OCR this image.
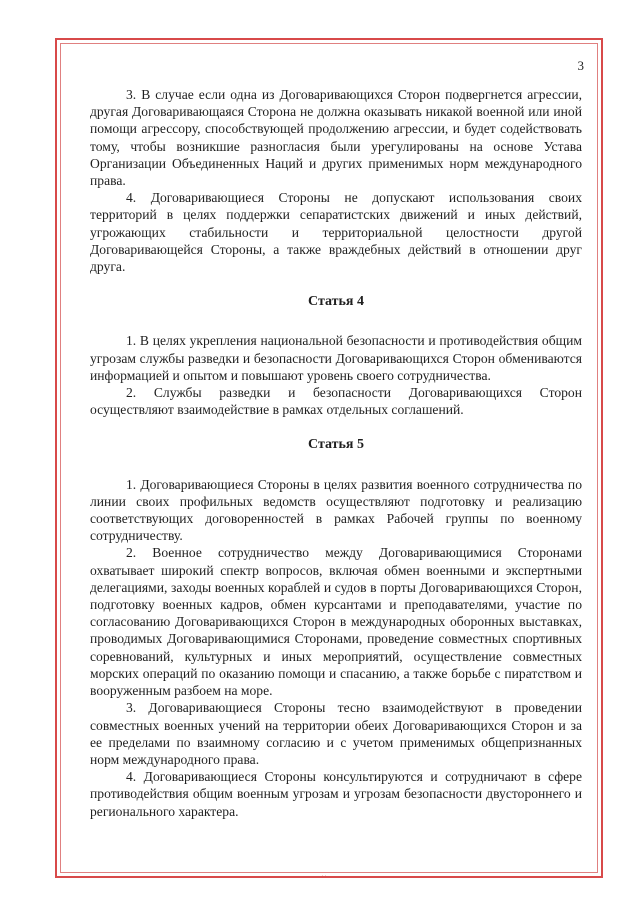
3

3. В случае если одна из Договаривающихся Сторон подвергнется агрессии, другая Договаривающаяся Сторона не должна оказывать никакой военной или иной помощи агрессору, способствующей продолжению агрессии, и будет содействовать тому, чтобы возникшие разногласия были урегулированы на основе Устава Организации Объединенных Наций и других применимых норм международного права.

4. Договаривающиеся Стороны не допускают использования своих территорий в целях поддержки сепаратистских движений и иных действий, угрожающих стабильности и территориальной целостности другой Договаривающейся Стороны, а также враждебных действий в отношении друг друга.

Статья 4

1. В целях укрепления национальной безопасности и противодействия общим угрозам службы разведки и безопасности Договаривающихся Сторон обмениваются информацией и опытом и повышают уровень своего сотрудничества.

2. Службы разведки и безопасности Договаривающихся Сторон осуществляют взаимодействие в рамках отдельных соглашений.

Статья 5

1. Договаривающиеся Стороны в целях развития военного сотрудничества по линии своих профильных ведомств осуществляют подготовку и реализацию соответствующих договоренностей в рамках Рабочей группы по военному сотрудничеству.

2. Военное сотрудничество между Договаривающимися Сторонами охватывает широкий спектр вопросов, включая обмен военными и экспертными делегациями, заходы военных кораблей и судов в порты Договаривающихся Сторон, подготовку военных кадров, обмен курсантами и преподавателями, участие по согласованию Договаривающихся Сторон в международных оборонных выставках, проводимых Договаривающимися Сторонами, проведение совместных спортивных соревнований, культурных и иных мероприятий, осуществление совместных морских операций по оказанию помощи и спасанию, а также борьбе с пиратством и вооруженным разбоем на море.

3. Договаривающиеся Стороны тесно взаимодействуют в проведении совместных военных учений на территории обеих Договаривающихся Сторон и за ее пределами по взаимному согласию и с учетом применимых общепризнанных норм международного права.

4. Договаривающиеся Стороны консультируются и сотрудничают в сфере противодействия общим военным угрозам и угрозам безопасности двустороннего и регионального характера.

⌄
